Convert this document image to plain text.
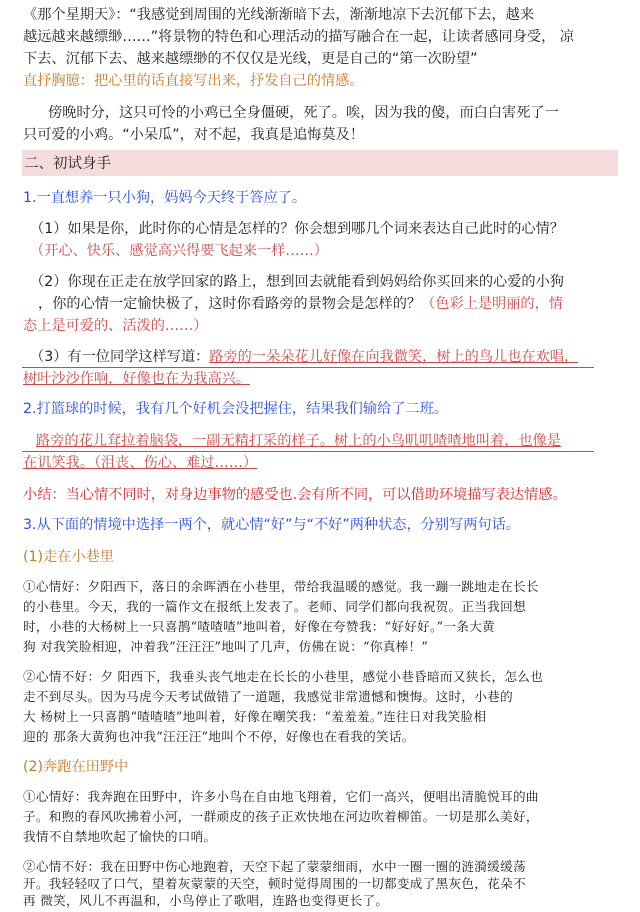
《那个星期天》：“我感觉到周围的光线渐渐暗下去，渐渐地凉下去沉郁下去，越来
越远越来越缥缈……”将景物的特色和心理活动的描写融合在一起，让读者感同身受， 凉
下去、沉郁下去、越来越缥缈的不仅仅是光线，更是自己的“第一次盼望”
直抒胸臆：把心里的话直接写出来，抒发自己的情感。
傍晚时分，这只可怜的小鸡已全身僵硬，死了。唉，因为我的傻，而白白害死了一
只可爱的小鸡。“小呆瓜”，对不起，我真是追悔莫及！
二、初试身手
1.一直想养一只小狗，妈妈今天终于答应了。
（1）如果是你，此时你的心情是怎样的？你会想到哪几个词来表达自己此时的心情？
（开心、快乐、感觉高兴得要飞起来一样……）
（2）你现在正走在放学回家的路上，想到回去就能看到妈妈给你买回来的心爱的小狗
，你的心情一定愉快极了，这时你看路旁的景物会是怎样的？（色彩上是明丽的，情
态上是可爱的、活泼的……）
（3）有一位同学这样写道：路旁的一朵朵花儿好像在向我微笑，树上的鸟儿也在欢唱，
树叶沙沙作响，好像也在为我高兴。
2.打篮球的时候，我有几个好机会没把握住，结果我们输给了二班。
路旁的花儿耷拉着脑袋，一副无精打采的样子。树上的小鸟叽叽喳喳地叫着，也像是
在讥笑我。（沮丧、伤心、难过……）
小结：当心情不同时，对身边事物的感受也.会有所不同，可以借助环境描写表达情感。
3.从下面的情境中选择一两个，就心情“好”与“不好”两种状态，分别写两句话。
(1)走在小巷里
①心情好：夕阳西下，落日的余晖洒在小巷里，带给我温暖的感觉。我一蹦一跳地走在长长
的小巷里。今天，我的一篇作文在报纸上发表了。老师、同学们都向我祝贺。正当我回想
时，小巷的大杨树上一只喜鹊“喳喳喳”地叫着，好像在夸赞我：“好好好。”一条大黄
狗 对我笑脸相迎，冲着我“汪汪汪”地叫了几声，仿佛在说：“你真棒！”
②心情不好：夕 阳西下，我垂头丧气地走在长长的小巷里，感觉小巷昏暗而又狭长，怎么也
走不到尽头。因为马虎今天考试做错了一道题，我感觉非常遗憾和懊悔。这时，小巷的
大 杨树上一只喜鹊“喳喳喳”地叫着，好像在嘲笑我：“羞羞羞。”连往日对我笑脸相
迎的 那条大黄狗也冲我“汪汪汪”地叫个不停，好像也在看我的笑话。
(2)奔跑在田野中
①心情好：我奔跑在田野中，许多小鸟在自由地飞翔着，它们一高兴，便唱出清脆悦耳的曲
子。和煦的春风吹拂着小河，一群顽皮的孩子正欢快地在河边吹着柳笛。一切是那么美好，
我情不自禁地吹起了愉快的口哨。
②心情不好：我在田野中伤心地跑着，天空下起了蒙蒙细雨，水中一圈一圈的涟漪缓缓荡
开。我轻轻叹了口气，望着灰蒙蒙的天空，顿时觉得周围的一切都变成了黑灰色，花朵不
再 微笑，风儿不再温和，小鸟停止了歌唱，连路也变得更长了。
